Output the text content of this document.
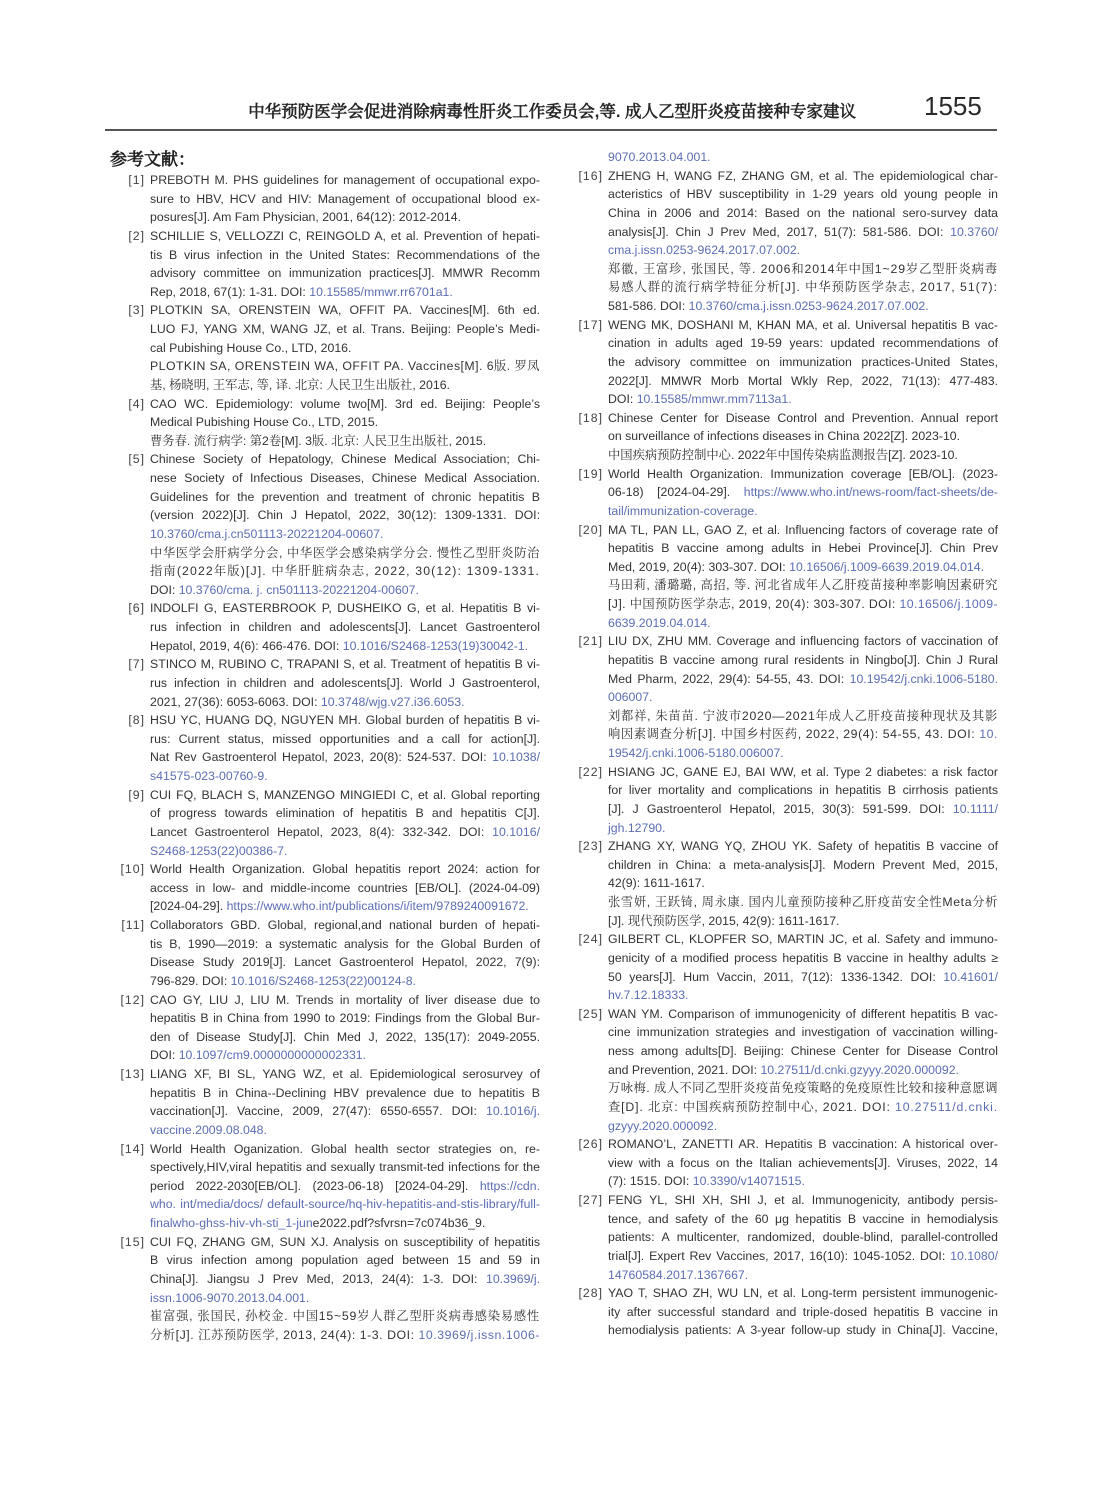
中华预防医学会促进消除病毒性肝炎工作委员会,等. 成人乙型肝炎疫苗接种专家建议	1555
参考文献：
[1] PREBOTH M. PHS guidelines for management of occupational expo-
sure to HBV, HCV and HIV: Management of occupational blood ex-
posures[J]. Am Fam Physician, 2001, 64(12): 2012-2014.
[2] SCHILLIE S, VELLOZZI C, REINGOLD A, et al. Prevention of hepati-
tis B virus infection in the United States: Recommendations of the
advisory committee on immunization practices[J]. MMWR Recomm
Rep, 2018, 67(1): 1-31. DOI: 10.15585/mmwr.rr6701a1.
[3] PLOTKIN SA, ORENSTEIN WA, OFFIT PA. Vaccines[M]. 6th ed.
LUO FJ, YANG XM, WANG JZ, et al. Trans. Beijing: People’s Medi-
cal Pubishing House Co., LTD, 2016.
PLOTKIN SA, ORENSTEIN WA, OFFIT PA. Vaccines[M]. 6版. 罗凤
基, 杨晓明, 王军志, 等, 译. 北京: 人民卫生出版社, 2016.
[4] CAO WC. Epidemiology: volume two[M]. 3rd ed. Beijing: People’s
Medical Pubishing House Co., LTD, 2015.
曹务春. 流行病学: 第2卷[M]. 3版. 北京: 人民卫生出版社, 2015.
[5] Chinese Society of Hepatology, Chinese Medical Association; Chi-
nese Society of Infectious Diseases, Chinese Medical Association.
Guidelines for the prevention and treatment of chronic hepatitis B
(version 2022)[J]. Chin J Hepatol, 2022, 30(12): 1309-1331. DOI:
10.3760/cma.j.cn501113-20221204-00607.
中华医学会肝病学分会, 中华医学会感染病学分会. 慢性乙型肝炎防治
指南(2022年版)[J]. 中华肝脏病杂志, 2022, 30(12): 1309-1331.
DOI: 10.3760/cma. j. cn501113-20221204-00607.
[6] INDOLFI G, EASTERBROOK P, DUSHEIKO G, et al. Hepatitis B vi-
rus infection in children and adolescents[J]. Lancet Gastroenterol
Hepatol, 2019, 4(6): 466-476. DOI: 10.1016/S2468-1253(19)30042-1.
[7] STINCO M, RUBINO C, TRAPANI S, et al. Treatment of hepatitis B vi-
rus infection in children and adolescents[J]. World J Gastroenterol,
2021, 27(36): 6053-6063. DOI: 10.3748/wjg.v27.i36.6053.
[8] HSU YC, HUANG DQ, NGUYEN MH. Global burden of hepatitis B vi-
rus: Current status, missed opportunities and a call for action[J].
Nat Rev Gastroenterol Hepatol, 2023, 20(8): 524-537. DOI: 10.1038/
s41575-023-00760-9.
[9] CUI FQ, BLACH S, MANZENGO MINGIEDI C, et al. Global reporting
of progress towards elimination of hepatitis B and hepatitis C[J].
Lancet Gastroenterol Hepatol, 2023, 8(4): 332-342. DOI: 10.1016/
S2468-1253(22)00386-7.
[10] World Health Organization. Global hepatitis report 2024: action for
access in low- and middle-income countries [EB/OL]. (2024-04-09)
[2024-04-29]. https://www.who.int/publications/i/item/9789240091672.
[11] Collaborators GBD. Global, regional,and national burden of hepati-
tis B, 1990—2019: a systematic analysis for the Global Burden of
Disease Study 2019[J]. Lancet Gastroenterol Hepatol, 2022, 7(9):
796-829. DOI: 10.1016/S2468-1253(22)00124-8.
[12] CAO GY, LIU J, LIU M. Trends in mortality of liver disease due to
hepatitis B in China from 1990 to 2019: Findings from the Global Bur-
den of Disease Study[J]. Chin Med J, 2022, 135(17): 2049-2055.
DOI: 10.1097/cm9.0000000000002331.
[13] LIANG XF, BI SL, YANG WZ, et al. Epidemiological serosurvey of
hepatitis B in China--Declining HBV prevalence due to hepatitis B
vaccination[J]. Vaccine, 2009, 27(47): 6550-6557. DOI: 10.1016/j.
vaccine.2009.08.048.
[14] World Health Oganization. Global health sector strategies on, re-
spectively,HIV,viral hepatitis and sexually transmit-ted infections for the
period 2022-2030[EB/OL]. (2023-06-18) [2024-04-29]. https://cdn.
who. int/media/docs/ default-source/hq-hiv-hepatitis-and-stis-library/full-
finalwho-ghss-hiv-vh-sti_1-june2022.pdf?sfvrsn=7c074b36_9.
[15] CUI FQ, ZHANG GM, SUN XJ. Analysis on susceptibility of hepatitis
B virus infection among population aged between 15 and 59 in
China[J]. Jiangsu J Prev Med, 2013, 24(4): 1-3. DOI: 10.3969/j.
issn.1006-9070.2013.04.001.
崔富强, 张国民, 孙校金. 中国15~59岁人群乙型肝炎病毒感染易感性
分析[J]. 江苏预防医学, 2013, 24(4): 1-3. DOI: 10.3969/j.issn.1006-
9070.2013.04.001.
[16] ZHENG H, WANG FZ, ZHANG GM, et al. The epidemiological char-
acteristics of HBV susceptibility in 1-29 years old young people in
China in 2006 and 2014: Based on the national sero-survey data
analysis[J]. Chin J Prev Med, 2017, 51(7): 581-586. DOI: 10.3760/
cma.j.issn.0253-9624.2017.07.002.
郑徽, 王富珍, 张国民, 等. 2006和2014年中国1~29岁乙型肝炎病毒
易感人群的流行病学特征分析[J]. 中华预防医学杂志, 2017, 51(7):
581-586. DOI: 10.3760/cma.j.issn.0253-9624.2017.07.002.
[17] WENG MK, DOSHANI M, KHAN MA, et al. Universal hepatitis B vac-
cination in adults aged 19-59 years: updated recommendations of
the advisory committee on immunization practices-United States,
2022[J]. MMWR Morb Mortal Wkly Rep, 2022, 71(13): 477-483.
DOI: 10.15585/mmwr.mm7113a1.
[18] Chinese Center for Disease Control and Prevention. Annual report
on surveillance of infections diseases in China 2022[Z]. 2023-10.
中国疾病预防控制中心. 2022年中国传染病监测报告[Z]. 2023-10.
[19] World Health Organization. Immunization coverage [EB/OL]. (2023-
06-18) [2024-04-29]. https://www.who.int/news-room/fact-sheets/de-
tail/immunization-coverage.
[20] MA TL, PAN LL, GAO Z, et al. Influencing factors of coverage rate of
hepatitis B vaccine among adults in Hebei Province[J]. Chin Prev
Med, 2019, 20(4): 303-307. DOI: 10.16506/j.1009-6639.2019.04.014.
马田莉, 潘璐璐, 高招, 等. 河北省成年人乙肝疫苗接种率影响因素研究
[J]. 中国预防医学杂志, 2019, 20(4): 303-307. DOI: 10.16506/j.1009-
6639.2019.04.014.
[21] LIU DX, ZHU MM. Coverage and influencing factors of vaccination of
hepatitis B vaccine among rural residents in Ningbo[J]. Chin J Rural
Med Pharm, 2022, 29(4): 54-55, 43. DOI: 10.19542/j.cnki.1006-5180.
006007.
刘都祥, 朱苗苗. 宁波市2020—2021年成人乙肝疫苗接种现状及其影
响因素调查分析[J]. 中国乡村医药, 2022, 29(4): 54-55, 43. DOI: 10.
19542/j.cnki.1006-5180.006007.
[22] HSIANG JC, GANE EJ, BAI WW, et al. Type 2 diabetes: a risk factor
for liver mortality and complications in hepatitis B cirrhosis patients
[J]. J Gastroenterol Hepatol, 2015, 30(3): 591-599. DOI: 10.1111/
jgh.12790.
[23] ZHANG XY, WANG YQ, ZHOU YK. Safety of hepatitis B vaccine of
children in China: a meta-analysis[J]. Modern Prevent Med, 2015,
42(9): 1611-1617.
张雪妍, 王跃锜, 周永康. 国内儿童预防接种乙肝疫苗安全性Meta分析
[J]. 现代预防医学, 2015, 42(9): 1611-1617.
[24] GILBERT CL, KLOPFER SO, MARTIN JC, et al. Safety and immuno-
genicity of a modified process hepatitis B vaccine in healthy adults ≥
50 years[J]. Hum Vaccin, 2011, 7(12): 1336-1342. DOI: 10.41601/
hv.7.12.18333.
[25] WAN YM. Comparison of immunogenicity of different hepatitis B vac-
cine immunization strategies and investigation of vaccination willing-
ness among adults[D]. Beijing: Chinese Center for Disease Control
and Prevention, 2021. DOI: 10.27511/d.cnki.gzyyy.2020.000092.
万咏梅. 成人不同乙型肝炎疫苗免疫策略的免疫原性比较和接种意愿调
查[D]. 北京: 中国疾病预防控制中心, 2021. DOI: 10.27511/d.cnki.
gzyyy.2020.000092.
[26] ROMANO’L, ZANETTI AR. Hepatitis B vaccination: A historical over-
view with a focus on the Italian achievements[J]. Viruses, 2022, 14
(7): 1515. DOI: 10.3390/v14071515.
[27] FENG YL, SHI XH, SHI J, et al. Immunogenicity, antibody persis-
tence, and safety of the 60 μg hepatitis B vaccine in hemodialysis
patients: A multicenter, randomized, double-blind, parallel-controlled
trial[J]. Expert Rev Vaccines, 2017, 16(10): 1045-1052. DOI: 10.1080/
14760584.2017.1367667.
[28] YAO T, SHAO ZH, WU LN, et al. Long-term persistent immunogenic-
ity after successful standard and triple-dosed hepatitis B vaccine in
hemodialysis patients: A 3-year follow-up study in China[J]. Vaccine,
